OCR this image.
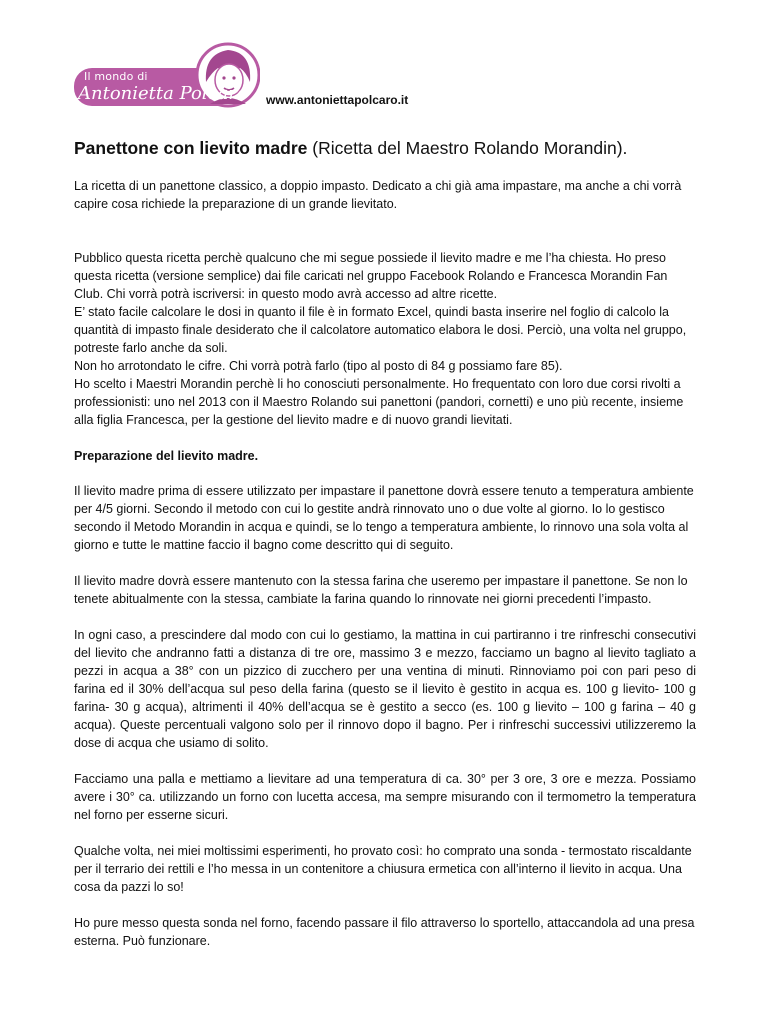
Il mondo di
Antonietta Polcaro www.antoniettapolcaro.it
Panettone con lievito madre (Ricetta del Maestro Rolando Morandin).

La ricetta di un panettone classico, a doppio impasto. Dedicato a chi già ama impastare, ma anche a chi vorrà capire cosa richiede la preparazione di un grande lievitato.

Pubblico questa ricetta perchè qualcuno che mi segue possiede il lievito madre e me l’ha chiesta. Ho preso questa ricetta (versione semplice) dai file caricati nel gruppo Facebook Rolando e Francesca Morandin Fan Club. Chi vorrà potrà iscriversi: in questo modo avrà accesso ad altre ricette.

E’ stato facile calcolare le dosi in quanto il file è in formato Excel, quindi basta inserire nel foglio di calcolo la quantità di impasto finale desiderato che il calcolatore automatico elabora le dosi. Perciò, una volta nel gruppo, potreste farlo anche da soli.

Non ho arrotondato le cifre. Chi vorrà potrà farlo (tipo al posto di 84 g possiamo fare 85).

Ho scelto i Maestri Morandin perchè li ho conosciuti personalmente. Ho frequentato con loro due corsi rivolti a professionisti: uno nel 2013 con il Maestro Rolando sui panettoni (pandori, cornetti) e uno più recente, insieme alla figlia Francesca, per la gestione del lievito madre e di nuovo grandi lievitati.

Preparazione del lievito madre.

Il lievito madre prima di essere utilizzato per impastare il panettone dovrà essere tenuto a temperatura ambiente per 4/5 giorni. Secondo il metodo con cui lo gestite andrà rinnovato uno o due volte al giorno. Io lo gestisco secondo il Metodo Morandin in acqua e quindi, se lo tengo a temperatura ambiente, lo rinnovo una sola volta al giorno e tutte le mattine faccio il bagno come descritto qui di seguito.

Il lievito madre dovrà essere mantenuto con la stessa farina che useremo per impastare il panettone. Se non lo tenete abitualmente con la stessa, cambiate la farina quando lo rinnovate nei giorni precedenti l’impasto.

In ogni caso, a prescindere dal modo con cui lo gestiamo, la mattina in cui partiranno i tre rinfreschi consecutivi del lievito che andranno fatti a distanza di tre ore, massimo 3 e mezzo, facciamo un bagno al lievito tagliato a pezzi in acqua a 38° con un pizzico di zucchero per una ventina di minuti. Rinnoviamo poi con pari peso di farina ed il 30% dell’acqua sul peso della farina (questo se il lievito è gestito in acqua es. 100 g lievito- 100 g farina- 30 g acqua), altrimenti il 40% dell’acqua se è gestito a secco (es. 100 g lievito – 100 g farina – 40 g acqua). Queste percentuali valgono solo per il rinnovo dopo il bagno. Per i rinfreschi successivi utilizzeremo la dose di acqua che usiamo di solito.

Facciamo una palla e mettiamo a lievitare ad una temperatura di ca. 30° per 3 ore, 3 ore e mezza. Possiamo avere i 30° ca. utilizzando un forno con lucetta accesa, ma sempre misurando con il termometro la temperatura nel forno per esserne sicuri.

Qualche volta, nei miei moltissimi esperimenti, ho provato così: ho comprato una sonda - termostato riscaldante per il terrario dei rettili e l’ho messa in un contenitore a chiusura ermetica con all’interno il lievito in acqua. Una cosa da pazzi lo so!

Ho pure messo questa sonda nel forno, facendo passare il filo attraverso lo sportello, attaccandola ad una presa esterna. Può funzionare.
